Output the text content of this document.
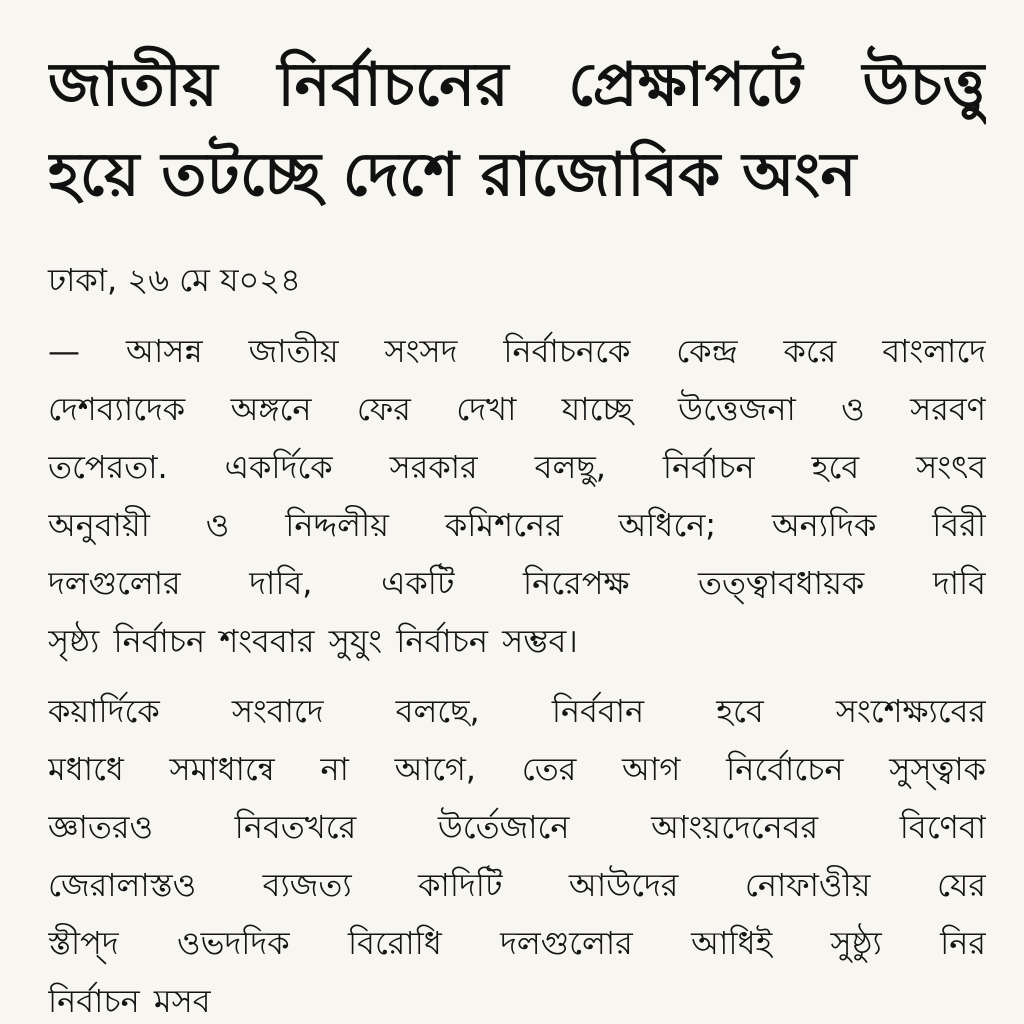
জাতীয় নির্বাচনের প্রেক্ষাপটে উচত্তু
হয়ে তটচ্ছে দেশে রাজোবিক অংন
ঢাকা, ২৬ মে য০২৪

— আসন্ন জাতীয় সংসদ নির্বাচনকে কেন্দ্র করে বাংলাদে
দেশব্যাদেক অঙ্গনে ফের দেখা যাচ্ছে উত্তেজনা ও সরবণ
তপেরতা. একর্দিকে সরকার বলছু, নির্বাচন হবে সংৎব
অনুবায়ী ও নিদ্দলীয় কমিশনের অধিনে; অন্যদিক বিরী
দলগুলোর দাবি, একটি নিরেপক্ষ তত্ত্বাবধায়ক দাবি
সৃষ্ঠ্য নির্বাচন শংববার সুযুং নির্বাচন সম্ভব।

কয়ার্দিকে সংবাদে বলছে, নির্ববান হবে সংশেক্ষ্যবের
মধাধে সমাধান্বে না আগে, তের আগ নির্বোচেন সুস্ত্বাক
জ্ঞাতরও নিবতখরে উর্তেজানে আংয়দেনেবর বিণেবা
জেরালাস্তও ব্যজত্য কাদিটি আউদের নোফাওীয় যের
স্তীপ্দ ওভদদিক বিরোধি দলগুলোর আধিই সুষ্ঠ্যু নির
নির্বাচন মসব
